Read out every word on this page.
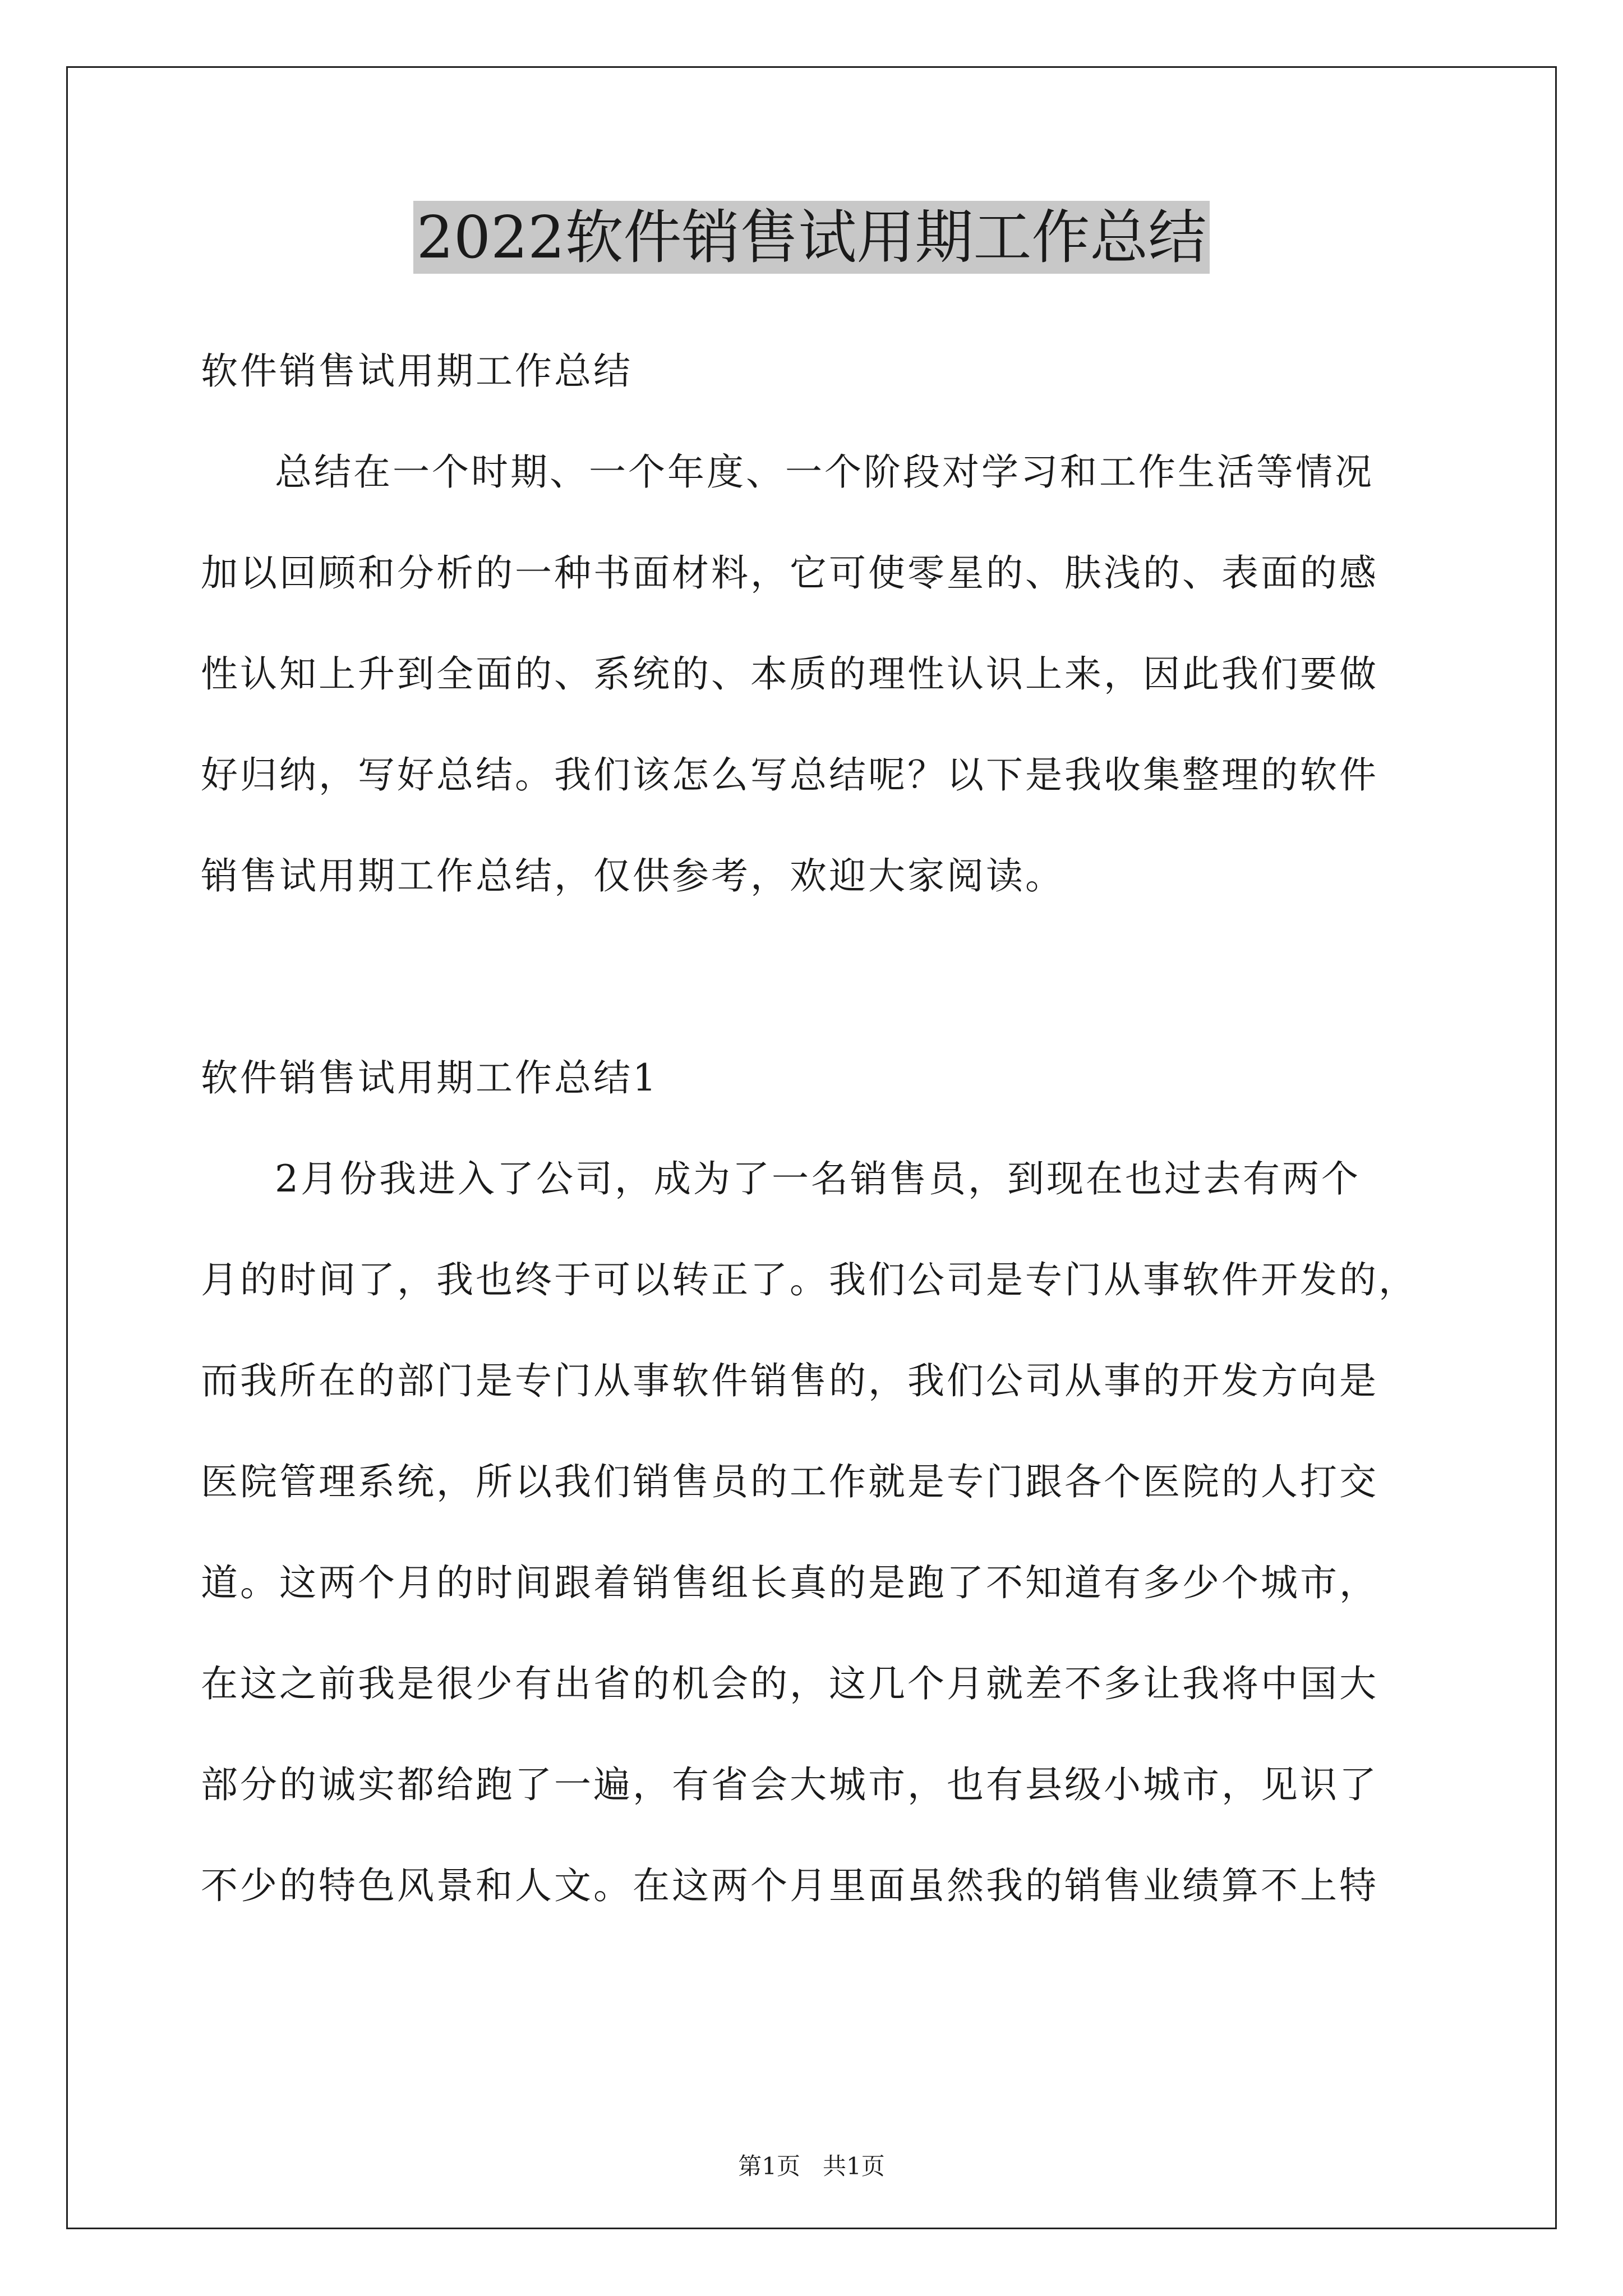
2022软件销售试用期工作总结
软件销售试用期工作总结
总结在一个时期、一个年度、一个阶段对学习和工作生活等情况
加以回顾和分析的一种书面材料，它可使零星的、肤浅的、表面的感
性认知上升到全面的、系统的、本质的理性认识上来，因此我们要做
好归纳，写好总结。我们该怎么写总结呢？以下是我收集整理的软件
销售试用期工作总结，仅供参考，欢迎大家阅读。
软件销售试用期工作总结1
2月份我进入了公司，成为了一名销售员，到现在也过去有两个
月的时间了，我也终于可以转正了。我们公司是专门从事软件开发的，
而我所在的部门是专门从事软件销售的，我们公司从事的开发方向是
医院管理系统，所以我们销售员的工作就是专门跟各个医院的人打交
道。这两个月的时间跟着销售组长真的是跑了不知道有多少个城市，
在这之前我是很少有出省的机会的，这几个月就差不多让我将中国大
部分的诚实都给跑了一遍，有省会大城市，也有县级小城市，见识了
不少的特色风景和人文。在这两个月里面虽然我的销售业绩算不上特
第1页   共1页
